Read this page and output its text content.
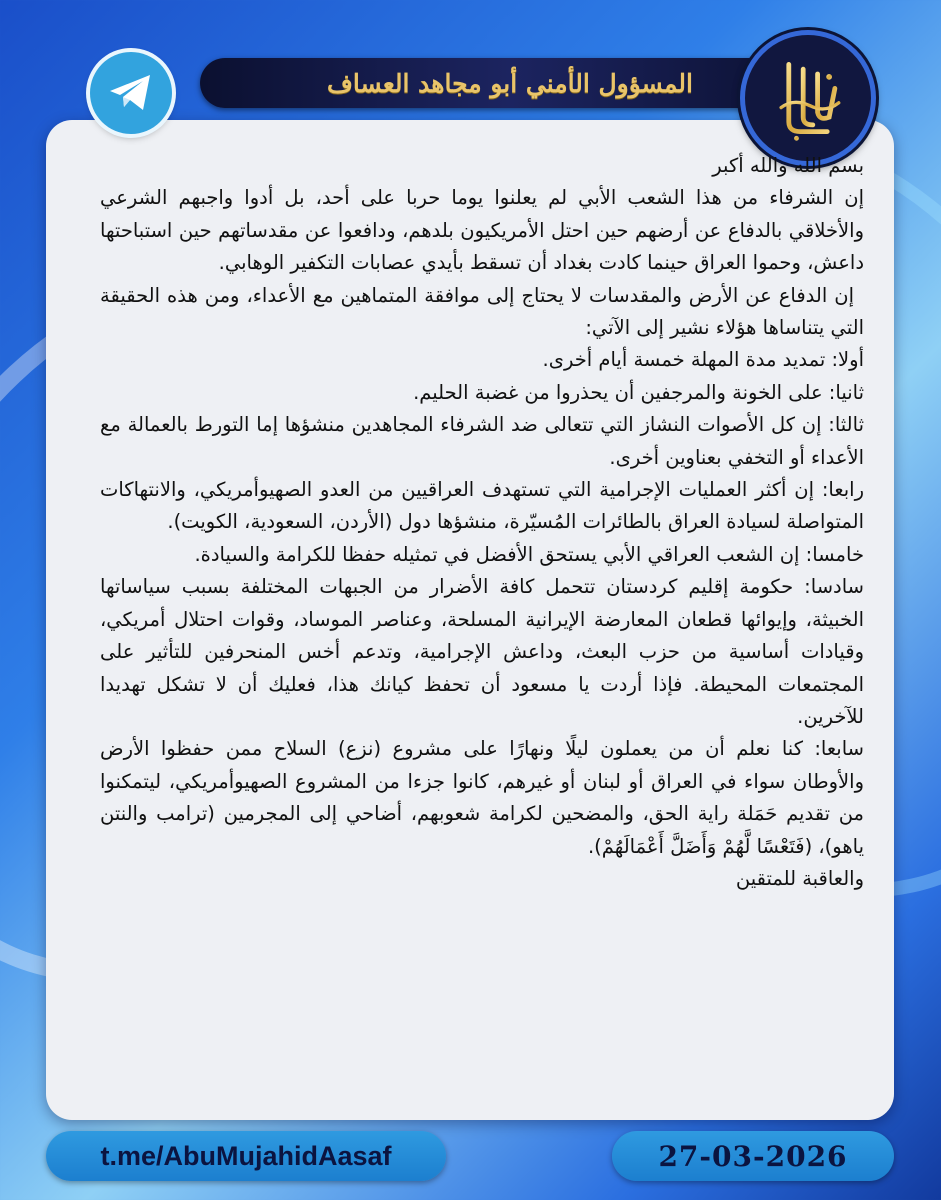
المسؤول الأمني أبو مجاهد العساف

بسم الله والله أكبر

إن الشرفاء من هذا الشعب الأبي لم يعلنوا يوما حربا على أحد، بل أدوا واجبهم الشرعي والأخلاقي بالدفاع عن أرضهم حين احتل الأمريكيون بلدهم، ودافعوا عن مقدساتهم حين استباحتها داعش، وحموا العراق حينما كادت بغداد أن تسقط بأيدي عصابات التكفير الوهابي.

إن الدفاع عن الأرض والمقدسات لا يحتاج إلى موافقة المتماهين مع الأعداء، ومن هذه الحقيقة التي يتناساها هؤلاء نشير إلى الآتي:

أولا: تمديد مدة المهلة خمسة أيام أخرى.

ثانيا: على الخونة والمرجفين أن يحذروا من غضبة الحليم.

ثالثا: إن كل الأصوات النشاز التي تتعالى ضد الشرفاء المجاهدين منشؤها إما التورط بالعمالة مع الأعداء أو التخفي بعناوين أخرى.

رابعا: إن أكثر العمليات الإجرامية التي تستهدف العراقيين من العدو الصهيوأمريكي، والانتهاكات المتواصلة لسيادة العراق بالطائرات المُسيّرة، منشؤها دول (الأردن، السعودية، الكويت).

خامسا: إن الشعب العراقي الأبي يستحق الأفضل في تمثيله حفظا للكرامة والسيادة.

سادسا: حكومة إقليم كردستان تتحمل كافة الأضرار من الجبهات المختلفة بسبب سياساتها الخبيثة، وإيوائها قطعان المعارضة الإيرانية المسلحة، وعناصر الموساد، وقوات احتلال أمريكي، وقيادات أساسية من حزب البعث، وداعش الإجرامية، وتدعم أخس المنحرفين للتأثير على المجتمعات المحيطة. فإذا أردت يا مسعود أن تحفظ كيانك هذا، فعليك أن لا تشكل تهديدا للآخرين.

سابعا: كنا نعلم أن من يعملون ليلًا ونهارًا على مشروع (نزع) السلاح ممن حفظوا الأرض والأوطان سواء في العراق أو لبنان أو غيرهم، كانوا جزءا من المشروع الصهيوأمريكي، ليتمكنوا من تقديم حَمَلة راية الحق، والمضحين لكرامة شعوبهم، أضاحي إلى المجرمين (ترامب والنتن ياهو)، (فَتَعْسًا لَّهُمْ وَأَضَلَّ أَعْمَالَهُمْ).

والعاقبة للمتقين

t.me/AbuMujahidAasaf	27-03-2026
